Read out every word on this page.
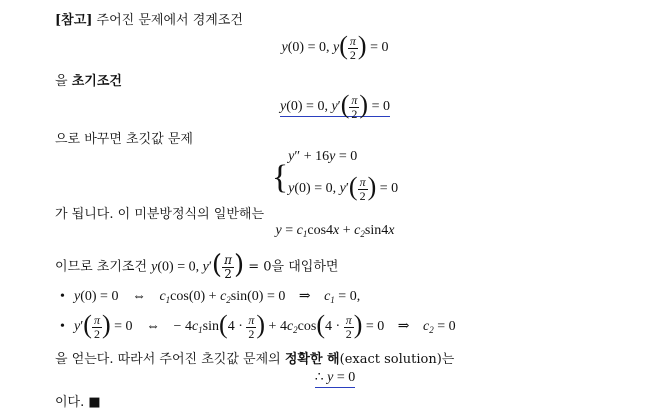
[참고] 주어진 문제에서 경계조건
y(0) = 0, $y( \frac{\pi}{2}$ ) = 0
을 초기조건
y(0) = 0, $y'( \frac{\pi}{2}$ ) = 0
으로 바꾸면 초깃값 문제
{
y″ + 16y = 0
y(0) = 0, $y'( \frac{\pi}{2}$ ) = 0
가 됩니다. 이 미분방정식의 일반해는
$y = c_1\cos 4x + c_2\sin 4x$
이므로 초기조건 y(0) = 0, $y'( \frac{\pi}{2}$ ) = 0을 대입하면
• y(0) = 0 ⇔ $c_1\cos(0) + c_2\sin(0) = 0$ ⇒ $c_1 = 0$,
• $y'( \frac{\pi}{2}$ ) = 0 ⇔ − $4c_1\sin(4 \cdot \frac{\pi}{2}$ ) + $4c_2\cos(4 \cdot \frac{\pi}{2}$ ) = 0 ⇒ $c_2 = 0$
을 얻는다. 따라서 주어진 초깃값 문제의 정확한 해(exact solution)는
∴ y = 0
이다. ■
